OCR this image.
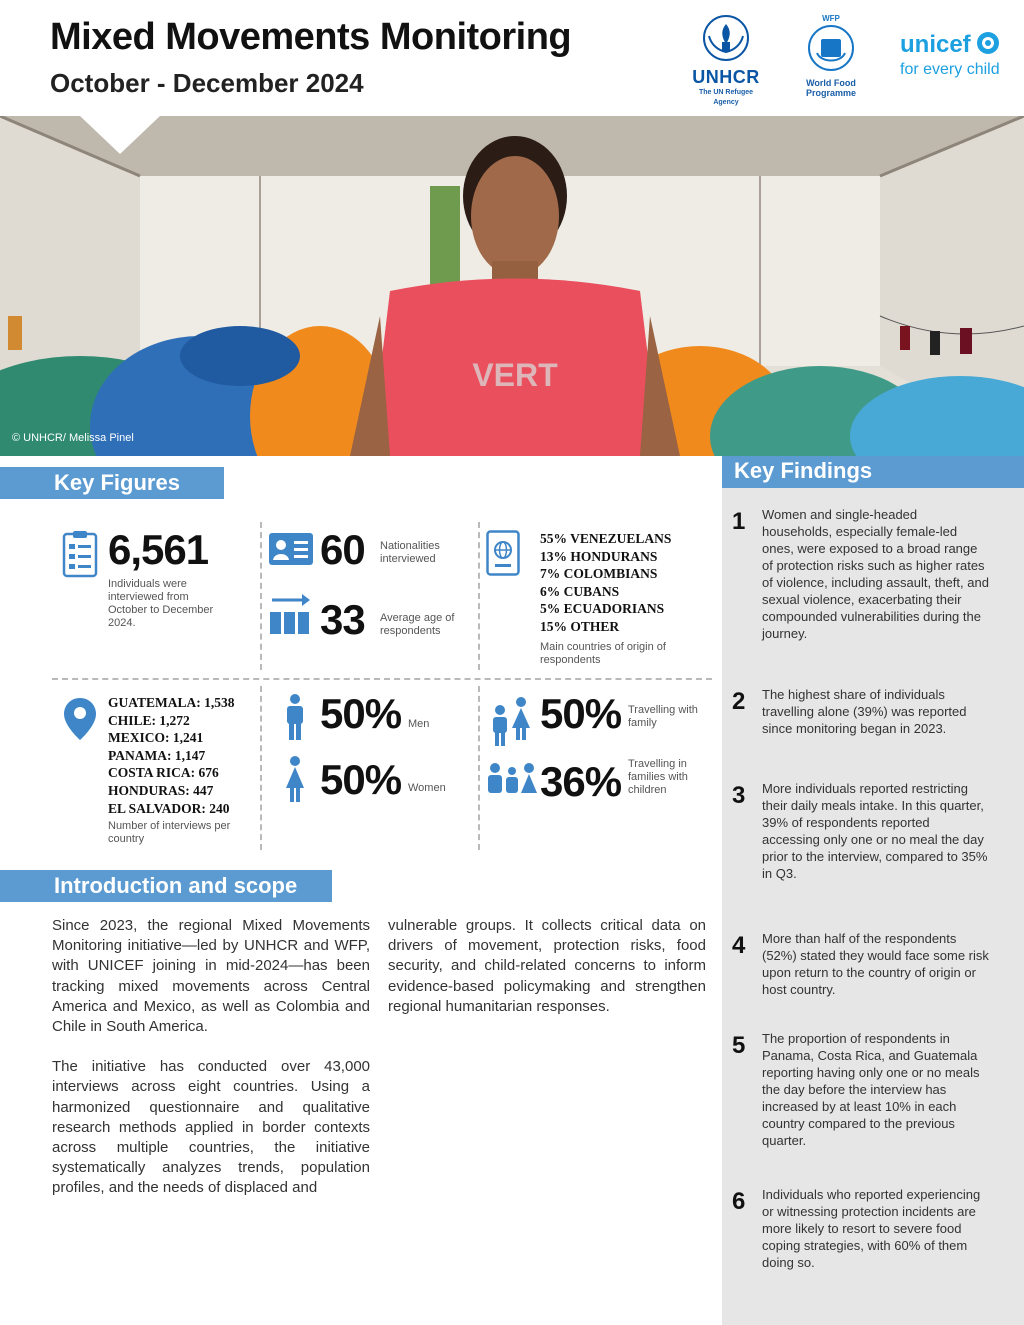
Mixed Movements Monitoring
October - December 2024	UNHCR
The UN Refugee Agency
WFP
World Food
Programme
unicef
for every child
VERT
© UNHCR/ Melissa Pinel
Key Figures
6,561
Individuals were interviewed from October to December 2024.
60 Nationalities interviewed
33 Average age of respondents
55% VENEZUELANS
13% HONDURANS
7% COLOMBIANS
6% CUBANS
5% ECUADORIANS
15% OTHER
Main countries of origin of respondents
GUATEMALA: 1,538
CHILE: 1,272
MEXICO: 1,241
PANAMA: 1,147
COSTA RICA: 676
HONDURAS: 447
EL SALVADOR: 240
Number of interviews per country
50% Men
50% Women
50% Travelling with family
36% Travelling in families with children
Introduction and scope

Since 2023, the regional Mixed Movements Monitoring initiative—led by UNHCR and WFP, with UNICEF joining in mid-2024—has been tracking mixed movements across Central America and Mexico, as well as Colombia and Chile in South America.

The initiative has conducted over 43,000 interviews across eight countries. Using a harmonized questionnaire and qualitative research methods applied in border contexts across multiple countries, the initiative systematically analyzes trends, population profiles, and the needs of displaced and

vulnerable groups. It collects critical data on drivers of movement, protection risks, food security, and child-related concerns to inform evidence-based policymaking and strengthen regional humanitarian responses.

Key Findings
1 Women and single-headed households, especially female-led ones, were exposed to a broad range of protection risks such as higher rates of violence, including assault, theft, and sexual violence, exacerbating their compounded vulnerabilities during the journey.
2 The highest share of individuals travelling alone (39%) was reported since monitoring began in 2023.
3 More individuals reported restricting their daily meals intake. In this quarter, 39% of respondents reported accessing only one or no meal the day prior to the interview, compared to 35% in Q3.
4 More than half of the respondents (52%) stated they would face some risk upon return to the country of origin or host country.
5 The proportion of respondents in Panama, Costa Rica, and Guatemala reporting having only one or no meals the day before the interview has increased by at least 10% in each country compared to the previous quarter.
6 Individuals who reported experiencing or witnessing protection incidents are more likely to resort to severe food coping strategies, with 60% of them doing so.
